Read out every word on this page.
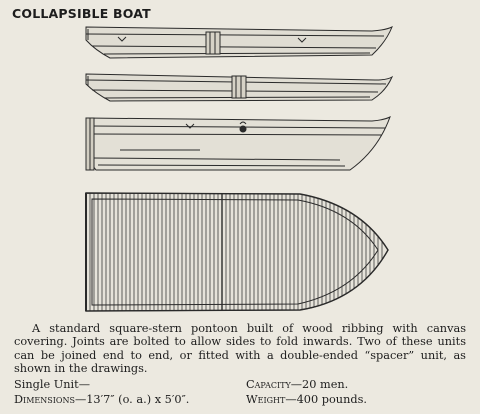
COLLAPSIBLE BOAT
A standard square-stern pontoon built of wood ribbing with canvas covering. Joints are bolted to allow sides to fold inwards. Two of these units can be joined end to end, or fitted with a double-ended “spacer” unit, as shown in the drawings.
Single Unit—	Capacity—20 men.
Dimensions—13′7″ (o. a.) x 5′0″.	Weight—400 pounds.
